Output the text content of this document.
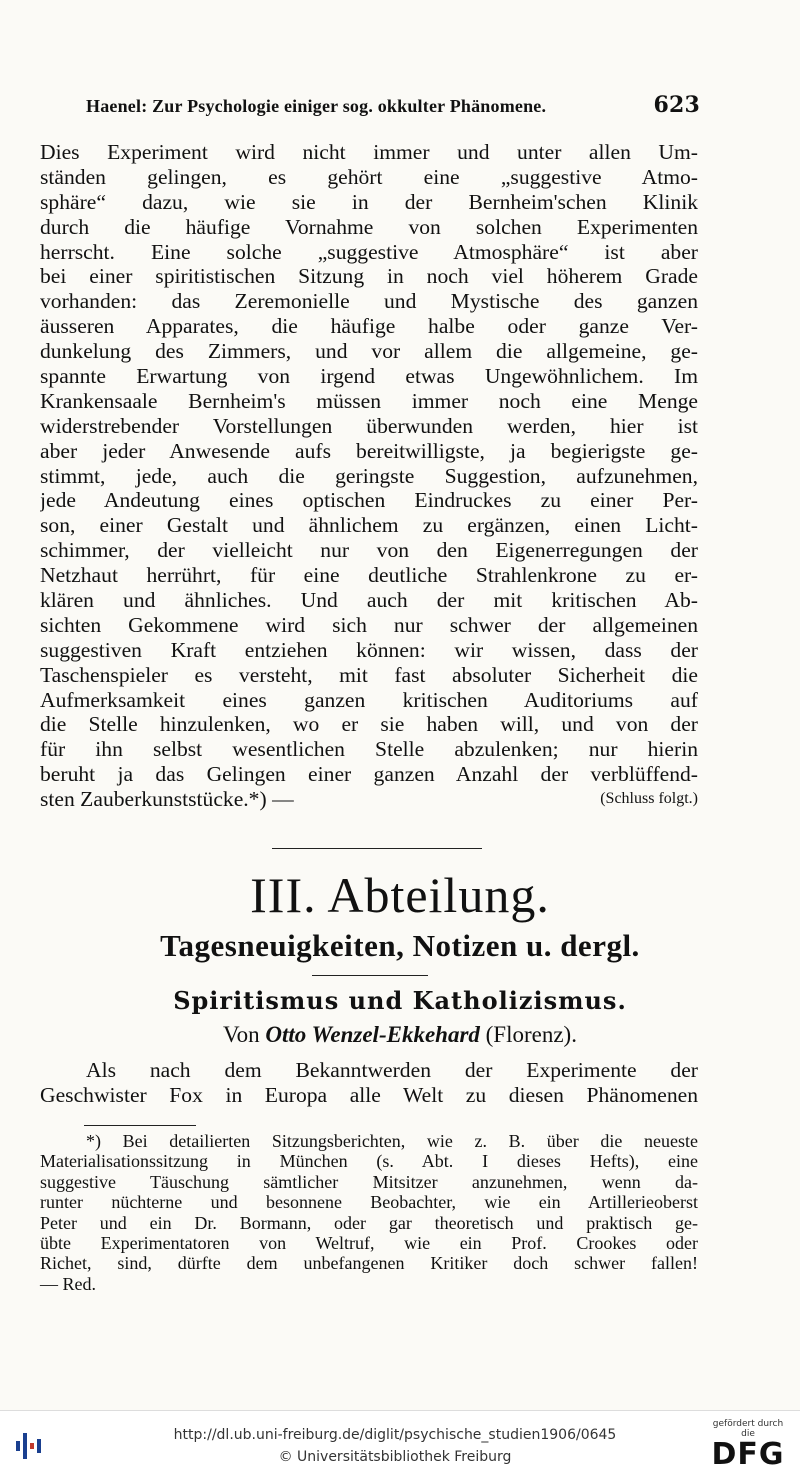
Haenel: Zur Psychologie einiger sog. okkulter Phänomene.	623
Dies Experiment wird nicht immer und unter allen Um-
ständen gelingen, es gehört eine „suggestive Atmo-
sphäre“ dazu, wie sie in der Bernheim'schen Klinik
durch die häufige Vornahme von solchen Experimenten
herrscht. Eine solche „suggestive Atmosphäre“ ist aber
bei einer spiritistischen Sitzung in noch viel höherem Grade
vorhanden: das Zeremonielle und Mystische des ganzen
äusseren Apparates, die häufige halbe oder ganze Ver-
dunkelung des Zimmers, und vor allem die allgemeine, ge-
spannte Erwartung von irgend etwas Ungewöhnlichem. Im
Krankensaale Bernheim's müssen immer noch eine Menge
widerstrebender Vorstellungen überwunden werden, hier ist
aber jeder Anwesende aufs bereitwilligste, ja begierigste ge-
stimmt, jede, auch die geringste Suggestion, aufzunehmen,
jede Andeutung eines optischen Eindruckes zu einer Per-
son, einer Gestalt und ähnlichem zu ergänzen, einen Licht-
schimmer, der vielleicht nur von den Eigenerregungen der
Netzhaut herrührt, für eine deutliche Strahlenkrone zu er-
klären und ähnliches. Und auch der mit kritischen Ab-
sichten Gekommene wird sich nur schwer der allgemeinen
suggestiven Kraft entziehen können: wir wissen, dass der
Taschenspieler es versteht, mit fast absoluter Sicherheit die
Aufmerksamkeit eines ganzen kritischen Auditoriums auf
die Stelle hinzulenken, wo er sie haben will, und von der
für ihn selbst wesentlichen Stelle abzulenken; nur hierin
beruht ja das Gelingen einer ganzen Anzahl der verblüffend-
sten Zauberkunststücke.*) —	(Schluss folgt.)
III. Abteilung.
Tagesneuigkeiten, Notizen u. dergl.
Spiritismus und Katholizismus.
Von Otto Wenzel-Ekkehard (Florenz).
Als nach dem Bekanntwerden der Experimente der
Geschwister Fox in Europa alle Welt zu diesen Phänomenen
*) Bei detailierten Sitzungsberichten, wie z. B. über die neueste
Materialisationssitzung in München (s. Abt. I dieses Hefts), eine
suggestive Täuschung sämtlicher Mitsitzer anzunehmen, wenn da-
runter nüchterne und besonnene Beobachter, wie ein Artillerieoberst
Peter und ein Dr. Bormann, oder gar theoretisch und praktisch ge-
übte Experimentatoren von Weltruf, wie ein Prof. Crookes oder
Richet, sind, dürfte dem unbefangenen Kritiker doch schwer fallen!
— Red.
http://dl.ub.uni-freiburg.de/diglit/psychische_studien1906/0645
© Universitätsbibliothek Freiburg
gefördert durch die
DFG
